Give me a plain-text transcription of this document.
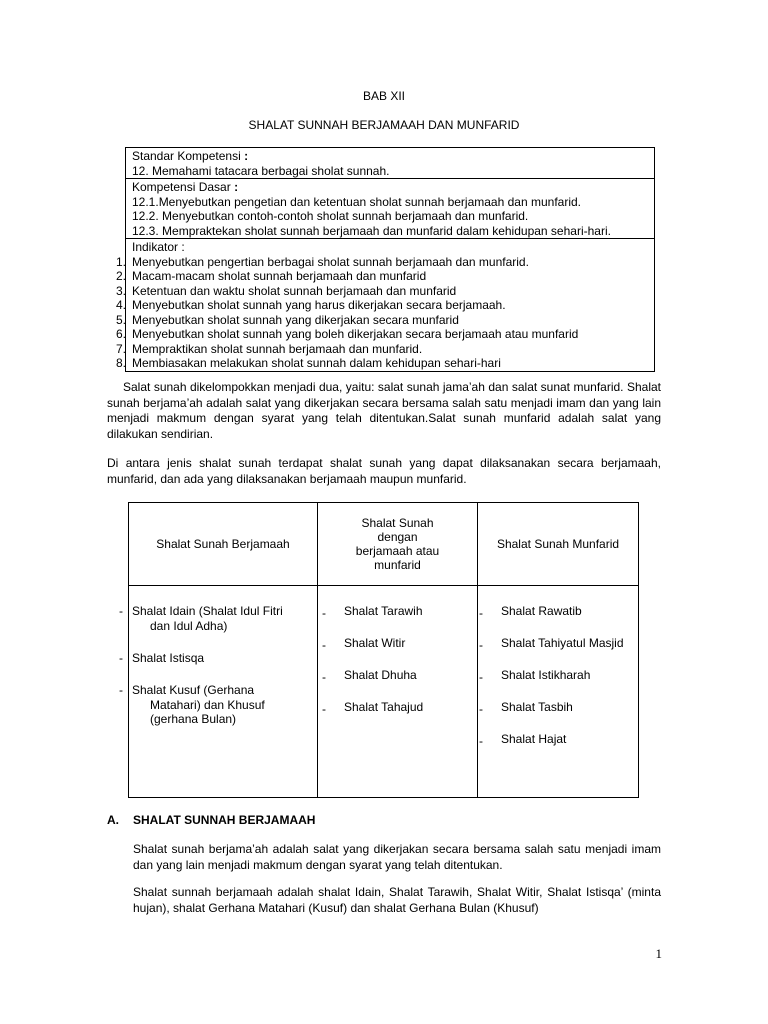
BAB XII
SHALAT SUNNAH BERJAMAAH DAN MUNFARID
Standar Kompetensi :
12. Memahami tatacara berbagai sholat sunnah.
Kompetensi Dasar :
12.1.Menyebutkan pengetian dan ketentuan sholat sunnah berjamaah dan munfarid.
12.2. Menyebutkan contoh-contoh sholat sunnah berjamaah dan munfarid.
12.3. Mempraktekan sholat sunnah berjamaah dan munfarid dalam kehidupan sehari-hari.
Indikator :
1. Menyebutkan pengertian berbagai sholat sunnah berjamaah dan munfarid.
2. Macam-macam sholat sunnah berjamaah dan munfarid
3. Ketentuan dan waktu sholat sunnah berjamaah dan munfarid
4. Menyebutkan sholat sunnah yang harus dikerjakan secara berjamaah.
5. Menyebutkan sholat sunnah yang dikerjakan secara munfarid
6. Menyebutkan sholat sunnah yang boleh dikerjakan secara berjamaah atau munfarid
7. Mempraktikan sholat sunnah berjamaah dan munfarid.
8. Membiasakan melakukan sholat sunnah dalam kehidupan sehari-hari

Salat sunah dikelompokkan menjadi dua, yaitu: salat sunah jama’ah dan salat sunat munfarid. Shalat sunah berjama’ah adalah salat yang dikerjakan secara bersama salah satu menjadi imam dan yang lain menjadi makmum dengan syarat yang telah ditentukan.Salat sunah munfarid adalah salat yang dilakukan sendirian.

Di antara jenis shalat sunah terdapat shalat sunah yang dapat dilaksanakan secara berjamaah, munfarid, dan ada yang dilaksanakan berjamaah maupun munfarid.

Shalat Sunah Berjamaah
Shalat Sunah dengan berjamaah atau munfarid
Shalat Sunah Munfarid
- Shalat Idain (Shalat Idul Fitri
dan Idul Adha)
- Shalat Istisqa
- Shalat Kusuf (Gerhana
Matahari) dan Khusuf
(gerhana Bulan)
- Shalat Tarawih
- Shalat Witir
- Shalat Dhuha
- Shalat Tahajud
- Shalat Rawatib
- Shalat Tahiyatul Masjid
- Shalat Istikharah
- Shalat Tasbih
- Shalat Hajat
A. SHALAT SUNNAH BERJAMAAH

Shalat sunah berjama’ah adalah salat yang dikerjakan secara bersama salah satu menjadi imam dan yang lain menjadi makmum dengan syarat yang telah ditentukan.

Shalat sunnah berjamaah adalah shalat Idain, Shalat Tarawih, Shalat Witir, Shalat Istisqa’ (minta hujan), shalat Gerhana Matahari (Kusuf) dan shalat Gerhana Bulan (Khusuf)

1
